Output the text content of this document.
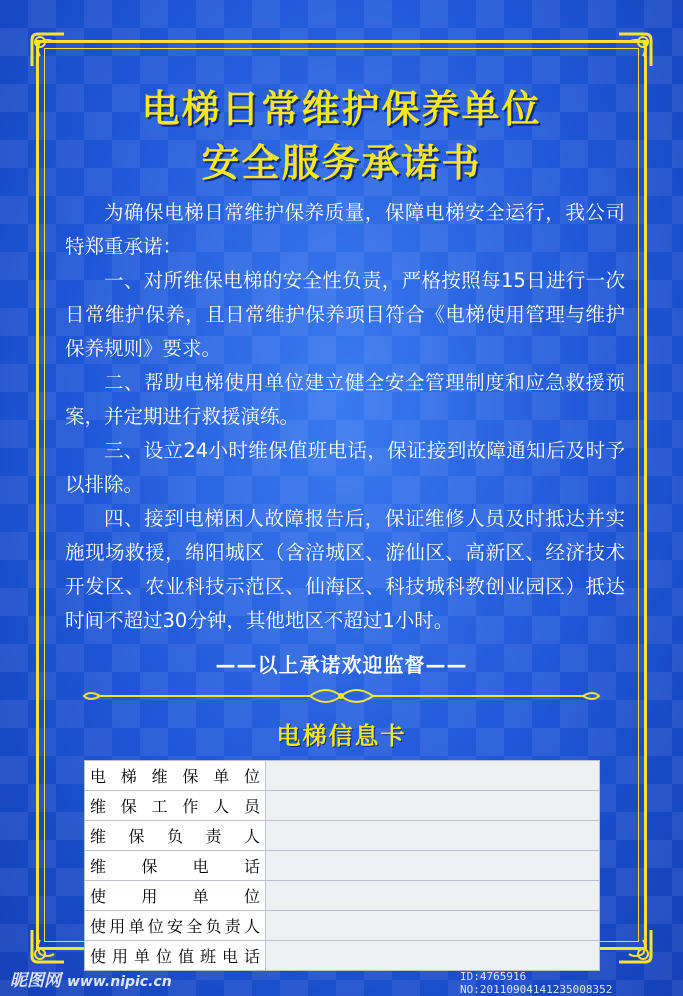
电梯日常维护保养单位
安全服务承诺书

为确保电梯日常维护保养质量，保障电梯安全运行，我公司特郑重承诺：

一、对所维保电梯的安全性负责，严格按照每15日进行一次日常维护保养，且日常维护保养项目符合《电梯使用管理与维护保养规则》要求。

二、帮助电梯使用单位建立健全安全管理制度和应急救援预案，并定期进行救援演练。

三、设立24小时维保值班电话，保证接到故障通知后及时予以排除。

四、接到电梯困人故障报告后，保证维修人员及时抵达并实施现场救援，绵阳城区（含涪城区、游仙区、高新区、经济技术开发区、农业科技示范区、仙海区、科技城科教创业园区）抵达时间不超过30分钟，其他地区不超过1小时。

——以上承诺欢迎监督——
电梯信息卡
电梯维保单位	
维保工作人员	
维保负责人	
维保电话	
使用单位	
使用单位安全负责人	
使用单位值班电话	
昵图网 www.nipic.cn	ID:4765916 NO:20110904141235008352
